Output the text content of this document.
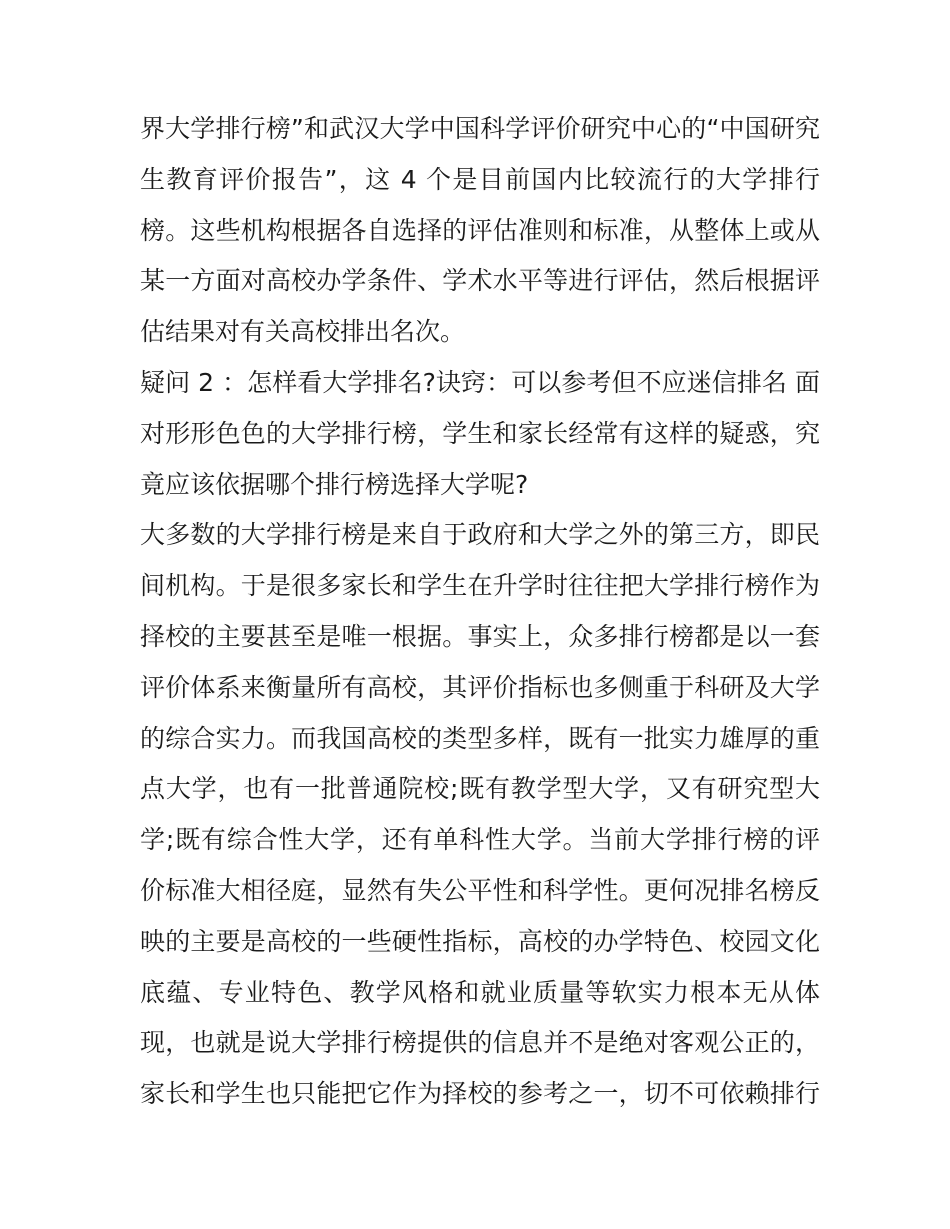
界大学排行榜”和武汉大学中国科学评价研究中心的“中国研究
生教育评价报告”，这 4 个是目前国内比较流行的大学排行
榜。这些机构根据各自选择的评估准则和标准，从整体上或从
某一方面对高校办学条件、学术水平等进行评估，然后根据评
估结果对有关高校排出名次。
疑问 2 ：怎样看大学排名?诀窍：可以参考但不应迷信排名 面
对形形色色的大学排行榜，学生和家长经常有这样的疑惑，究
竟应该依据哪个排行榜选择大学呢?
大多数的大学排行榜是来自于政府和大学之外的第三方，即民
间机构。于是很多家长和学生在升学时往往把大学排行榜作为
择校的主要甚至是唯一根据。事实上，众多排行榜都是以一套
评价体系来衡量所有高校，其评价指标也多侧重于科研及大学
的综合实力。而我国高校的类型多样，既有一批实力雄厚的重
点大学，也有一批普通院校;既有教学型大学，又有研究型大
学;既有综合性大学，还有单科性大学。当前大学排行榜的评
价标准大相径庭，显然有失公平性和科学性。更何况排名榜反
映的主要是高校的一些硬性指标，高校的办学特色、校园文化
底蕴、专业特色、教学风格和就业质量等软实力根本无从体
现，也就是说大学排行榜提供的信息并不是绝对客观公正的，
家长和学生也只能把它作为择校的参考之一，切不可依赖排行
